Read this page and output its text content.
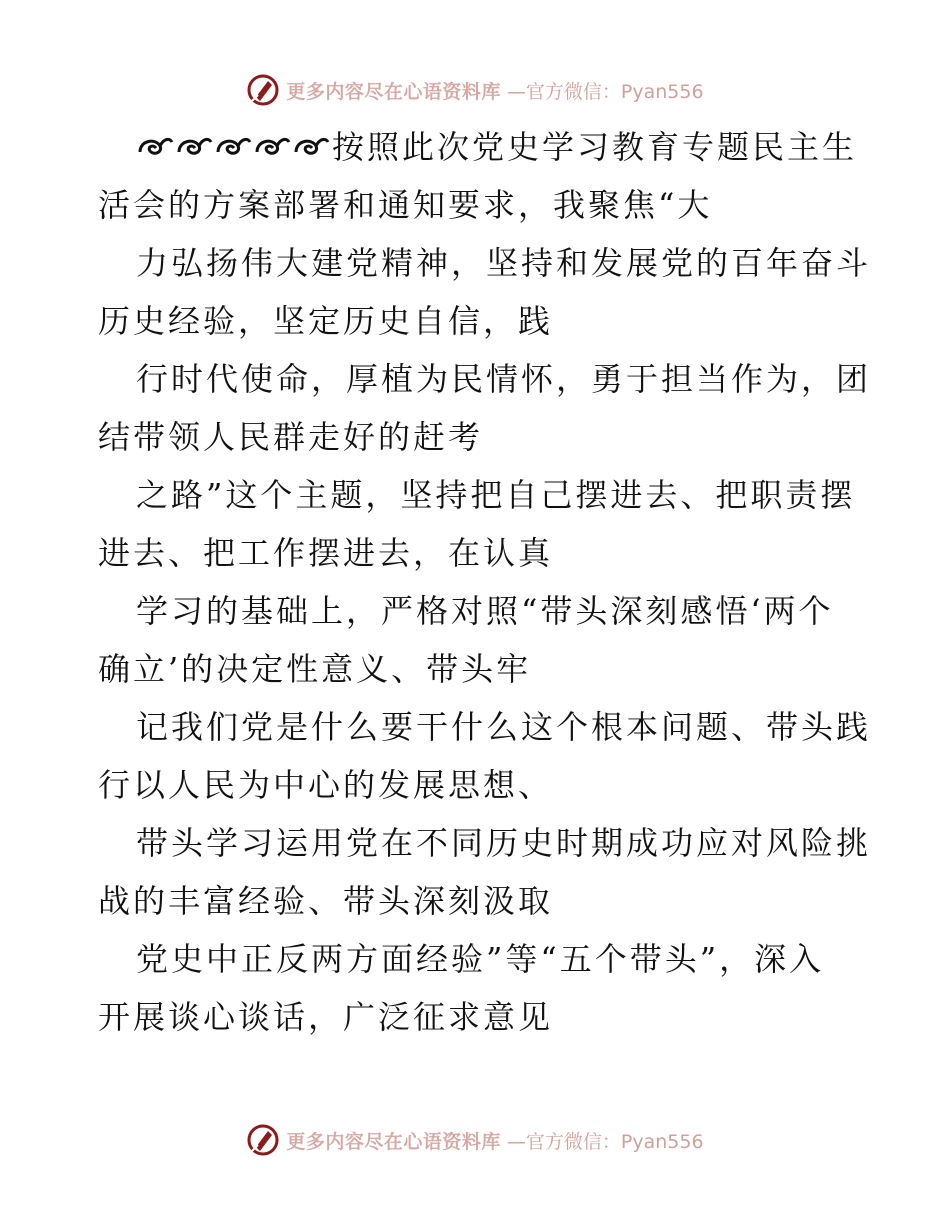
更多内容尽在心语资料库 —官方微信：Pyan556
按照此次党史学习教育专题民主生
活会的方案部署和通知要求，我聚焦“大
力弘扬伟大建党精神，坚持和发展党的百年奋斗
历史经验，坚定历史自信，践
行时代使命，厚植为民情怀，勇于担当作为，团
结带领人民群走好的赶考
之路”这个主题，坚持把自己摆进去、把职责摆
进去、把工作摆进去，在认真
学习的基础上，严格对照“带头深刻感悟‘两个
确立’的决定性意义、带头牢
记我们党是什么要干什么这个根本问题、带头践
行以人民为中心的发展思想、
带头学习运用党在不同历史时期成功应对风险挑
战的丰富经验、带头深刻汲取
党史中正反两方面经验”等“五个带头”，深入
开展谈心谈话，广泛征求意见
更多内容尽在心语资料库 —官方微信：Pyan556
